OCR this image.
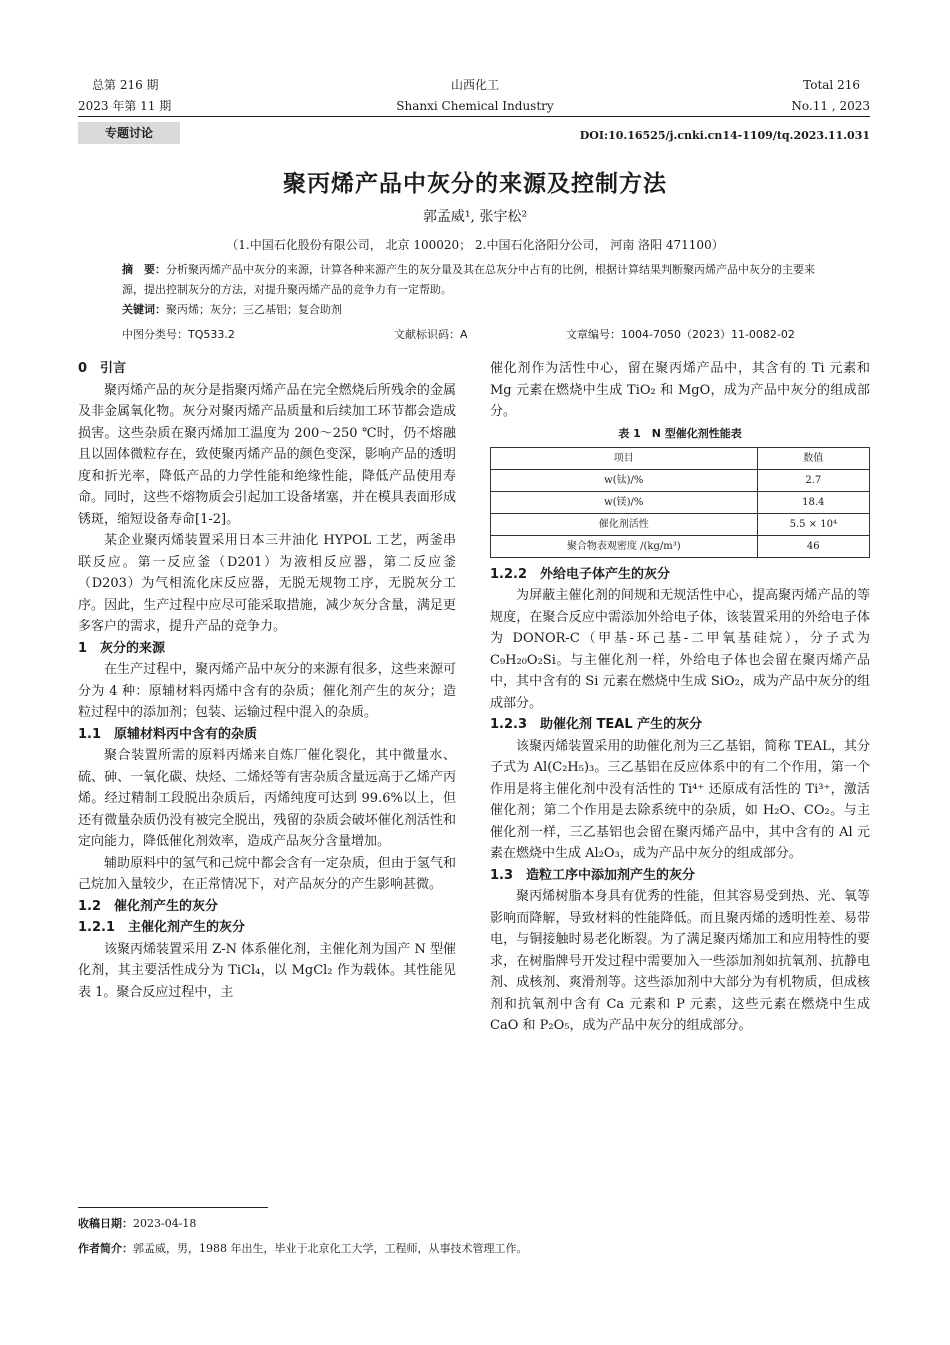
总第 216 期
2023 年第 11 期
山西化工
Shanxi Chemical Industry
Total 216
No.11 , 2023
专题讨论	DOI:10.16525/j.cnki.cn14-1109/tq.2023.11.031
聚丙烯产品中灰分的来源及控制方法
郭孟威¹, 张宇松²
（1.中国石化股份有限公司， 北京 100020； 2.中国石化洛阳分公司， 河南 洛阳 471100）
摘　要：分析聚丙烯产品中灰分的来源，计算各种来源产生的灰分量及其在总灰分中占有的比例，根据计算结果判断聚丙烯产品中灰分的主要来源，提出控制灰分的方法，对提升聚丙烯产品的竞争力有一定帮助。
关键词：聚丙烯；灰分；三乙基铝；复合助剂
中图分类号：TQ533.2	文献标识码：A	文章编号：1004-7050（2023）11-0082-02
0　引言

聚丙烯产品的灰分是指聚丙烯产品在完全燃烧后所残余的金属及非金属氧化物。灰分对聚丙烯产品质量和后续加工环节都会造成损害。这些杂质在聚丙烯加工温度为 200～250 ℃时，仍不熔融且以固体微粒存在，致使聚丙烯产品的颜色变深，影响产品的透明度和折光率，降低产品的力学性能和绝缘性能，降低产品使用寿命。同时，这些不熔物质会引起加工设备堵塞，并在模具表面形成锈斑，缩短设备寿命[1-2]。

某企业聚丙烯装置采用日本三井油化 HYPOL 工艺，两釜串联反应。第一反应釜（D201）为液相反应器，第二反应釜（D203）为气相流化床反应器，无脱无规物工序，无脱灰分工序。因此，生产过程中应尽可能采取措施，减少灰分含量，满足更多客户的需求，提升产品的竞争力。

1　灰分的来源

在生产过程中，聚丙烯产品中灰分的来源有很多，这些来源可分为 4 种：原辅材料丙烯中含有的杂质；催化剂产生的灰分；造粒过程中的添加剂；包装、运输过程中混入的杂质。

1.1　原辅材料丙中含有的杂质

聚合装置所需的原料丙烯来自炼厂催化裂化，其中微量水、硫、砷、一氧化碳、炔烃、二烯烃等有害杂质含量远高于乙烯产丙烯。经过精制工段脱出杂质后，丙烯纯度可达到 99.6%以上，但还有微量杂质仍没有被完全脱出，残留的杂质会破坏催化剂活性和定向能力，降低催化剂效率，造成产品灰分含量增加。

辅助原料中的氢气和己烷中都会含有一定杂质，但由于氢气和己烷加入量较少，在正常情况下，对产品灰分的产生影响甚微。

1.2　催化剂产生的灰分
1.2.1　主催化剂产生的灰分

该聚丙烯装置采用 Z-N 体系催化剂，主催化剂为国产 N 型催化剂，其主要活性成分为 TiCl₄，以 MgCl₂ 作为载体。其性能见表 1。聚合反应过程中，主

催化剂作为活性中心，留在聚丙烯产品中，其含有的 Ti 元素和 Mg 元素在燃烧中生成 TiO₂ 和 MgO，成为产品中灰分的组成部分。

表 1　N 型催化剂性能表
项目	数值
w(钛)/%	2.7
w(镁)/%	18.4
催化剂活性	5.5 × 10⁴
聚合物表观密度 /(kg/m³)	46
1.2.2　外给电子体产生的灰分

为屏蔽主催化剂的间规和无规活性中心，提高聚丙烯产品的等规度，在聚合反应中需添加外给电子体，该装置采用的外给电子体为 DONOR-C（甲基-环己基-二甲氧基硅烷），分子式为 C₉H₂₀O₂Si。与主催化剂一样，外给电子体也会留在聚丙烯产品中，其中含有的 Si 元素在燃烧中生成 SiO₂，成为产品中灰分的组成部分。

1.2.3　助催化剂 TEAL 产生的灰分

该聚丙烯装置采用的助催化剂为三乙基铝，简称 TEAL，其分子式为 Al(C₂H₅)₃。三乙基铝在反应体系中的有二个作用，第一个作用是将主催化剂中没有活性的 Ti⁴⁺ 还原成有活性的 Ti³⁺，激活催化剂；第二个作用是去除系统中的杂质，如 H₂O、CO₂。与主催化剂一样，三乙基铝也会留在聚丙烯产品中，其中含有的 Al 元素在燃烧中生成 Al₂O₃，成为产品中灰分的组成部分。

1.3　造粒工序中添加剂产生的灰分

聚丙烯树脂本身具有优秀的性能，但其容易受到热、光、氧等影响而降解，导致材料的性能降低。而且聚丙烯的透明性差、易带电，与铜接触时易老化断裂。为了满足聚丙烯加工和应用特性的要求，在树脂牌号开发过程中需要加入一些添加剂如抗氧剂、抗静电剂、成核剂、爽滑剂等。这些添加剂中大部分为有机物质，但成核剂和抗氧剂中含有 Ca 元素和 P 元素，这些元素在燃烧中生成 CaO 和 P₂O₅，成为产品中灰分的组成部分。

收稿日期：2023-04-18
作者简介：郭孟威，男，1988 年出生，毕业于北京化工大学，工程师，从事技术管理工作。
